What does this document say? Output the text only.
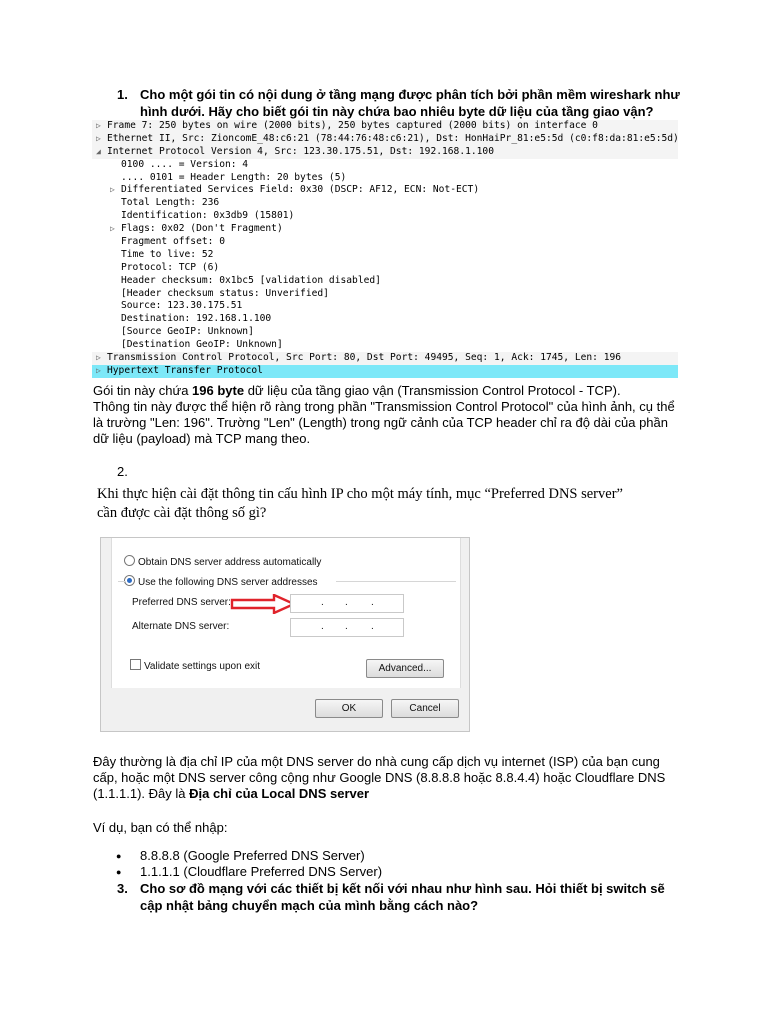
1. Cho một gói tin có nội dung ở tầng mạng được phân tích bởi phần mềm wireshark như
hình dưới. Hãy cho biết gói tin này chứa bao nhiêu byte dữ liệu của tầng giao vận?
▷ Frame 7: 250 bytes on wire (2000 bits), 250 bytes captured (2000 bits) on interface 0
▷ Ethernet II, Src: ZioncomE_48:c6:21 (78:44:76:48:c6:21), Dst: HonHaiPr_81:e5:5d (c0:f8:da:81:e5:5d)
◢ Internet Protocol Version 4, Src: 123.30.175.51, Dst: 192.168.1.100
0100 .... = Version: 4
.... 0101 = Header Length: 20 bytes (5)
▷ Differentiated Services Field: 0x30 (DSCP: AF12, ECN: Not-ECT)
Total Length: 236
Identification: 0x3db9 (15801)
▷ Flags: 0x02 (Don't Fragment)
Fragment offset: 0
Time to live: 52
Protocol: TCP (6)
Header checksum: 0x1bc5 [validation disabled]
[Header checksum status: Unverified]
Source: 123.30.175.51
Destination: 192.168.1.100
[Source GeoIP: Unknown]
[Destination GeoIP: Unknown]
▷ Transmission Control Protocol, Src Port: 80, Dst Port: 49495, Seq: 1, Ack: 1745, Len: 196
▷ Hypertext Transfer Protocol
Gói tin này chứa 196 byte dữ liệu của tầng giao vận (Transmission Control Protocol - TCP).
Thông tin này được thể hiện rõ ràng trong phần "Transmission Control Protocol" của hình ảnh, cụ thể
là trường "Len: 196". Trường "Len" (Length) trong ngữ cảnh của TCP header chỉ ra độ dài của phần
dữ liệu (payload) mà TCP mang theo.
2.
Khi thực hiện cài đặt thông tin cấu hình IP cho một máy tính, mục “Preferred DNS server”
cần được cài đặt thông số gì?
Obtain DNS server address automatically
Use the following DNS server addresses
Preferred DNS server:	. . .
Alternate DNS server:	. . .
Validate settings upon exit	Advanced...
OK	Cancel
Đây thường là địa chỉ IP của một DNS server do nhà cung cấp dịch vụ internet (ISP) của bạn cung
cấp, hoặc một DNS server công cộng như Google DNS (8.8.8.8 hoặc 8.8.4.4) hoặc Cloudflare DNS
(1.1.1.1). Đây là Địa chỉ của Local DNS server
Ví dụ, bạn có thể nhập:
● 8.8.8.8 (Google Preferred DNS Server)
● 1.1.1.1 (Cloudflare Preferred DNS Server)
3. Cho sơ đồ mạng với các thiết bị kết nối với nhau như hình sau. Hỏi thiết bị switch sẽ
cập nhật bảng chuyển mạch của mình bằng cách nào?
